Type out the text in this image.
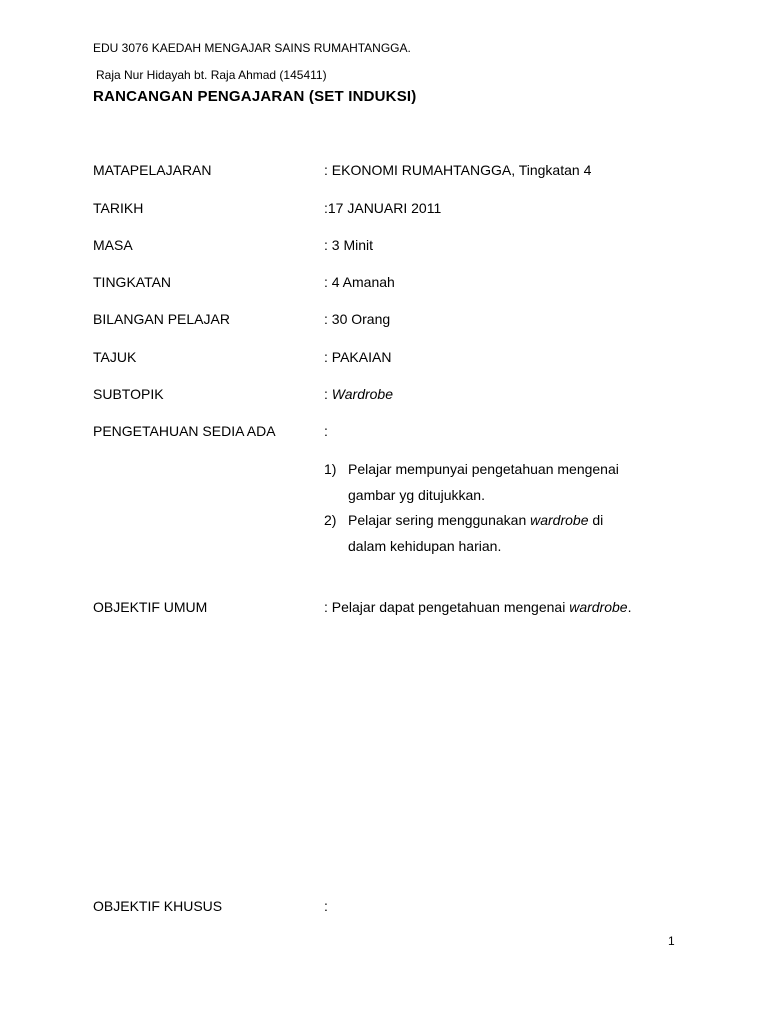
EDU 3076 KAEDAH MENGAJAR SAINS RUMAHTANGGA.
Raja Nur Hidayah bt. Raja Ahmad (145411)
RANCANGAN PENGAJARAN (SET INDUKSI)
MATAPELAJARAN	: EKONOMI RUMAHTANGGA, Tingkatan 4
TARIKH	:17 JANUARI 2011
MASA	: 3 Minit
TINGKATAN	: 4 Amanah
BILANGAN PELAJAR	: 30 Orang
TAJUK	: PAKAIAN
SUBTOPIK	: Wardrobe
PENGETAHUAN SEDIA ADA	:
1) Pelajar mempunyai pengetahuan mengenai
gambar yg ditujukkan.
2) Pelajar sering menggunakan wardrobe di
dalam kehidupan harian.
OBJEKTIF UMUM	: Pelajar dapat pengetahuan mengenai wardrobe.
OBJEKTIF KHUSUS	:
1
